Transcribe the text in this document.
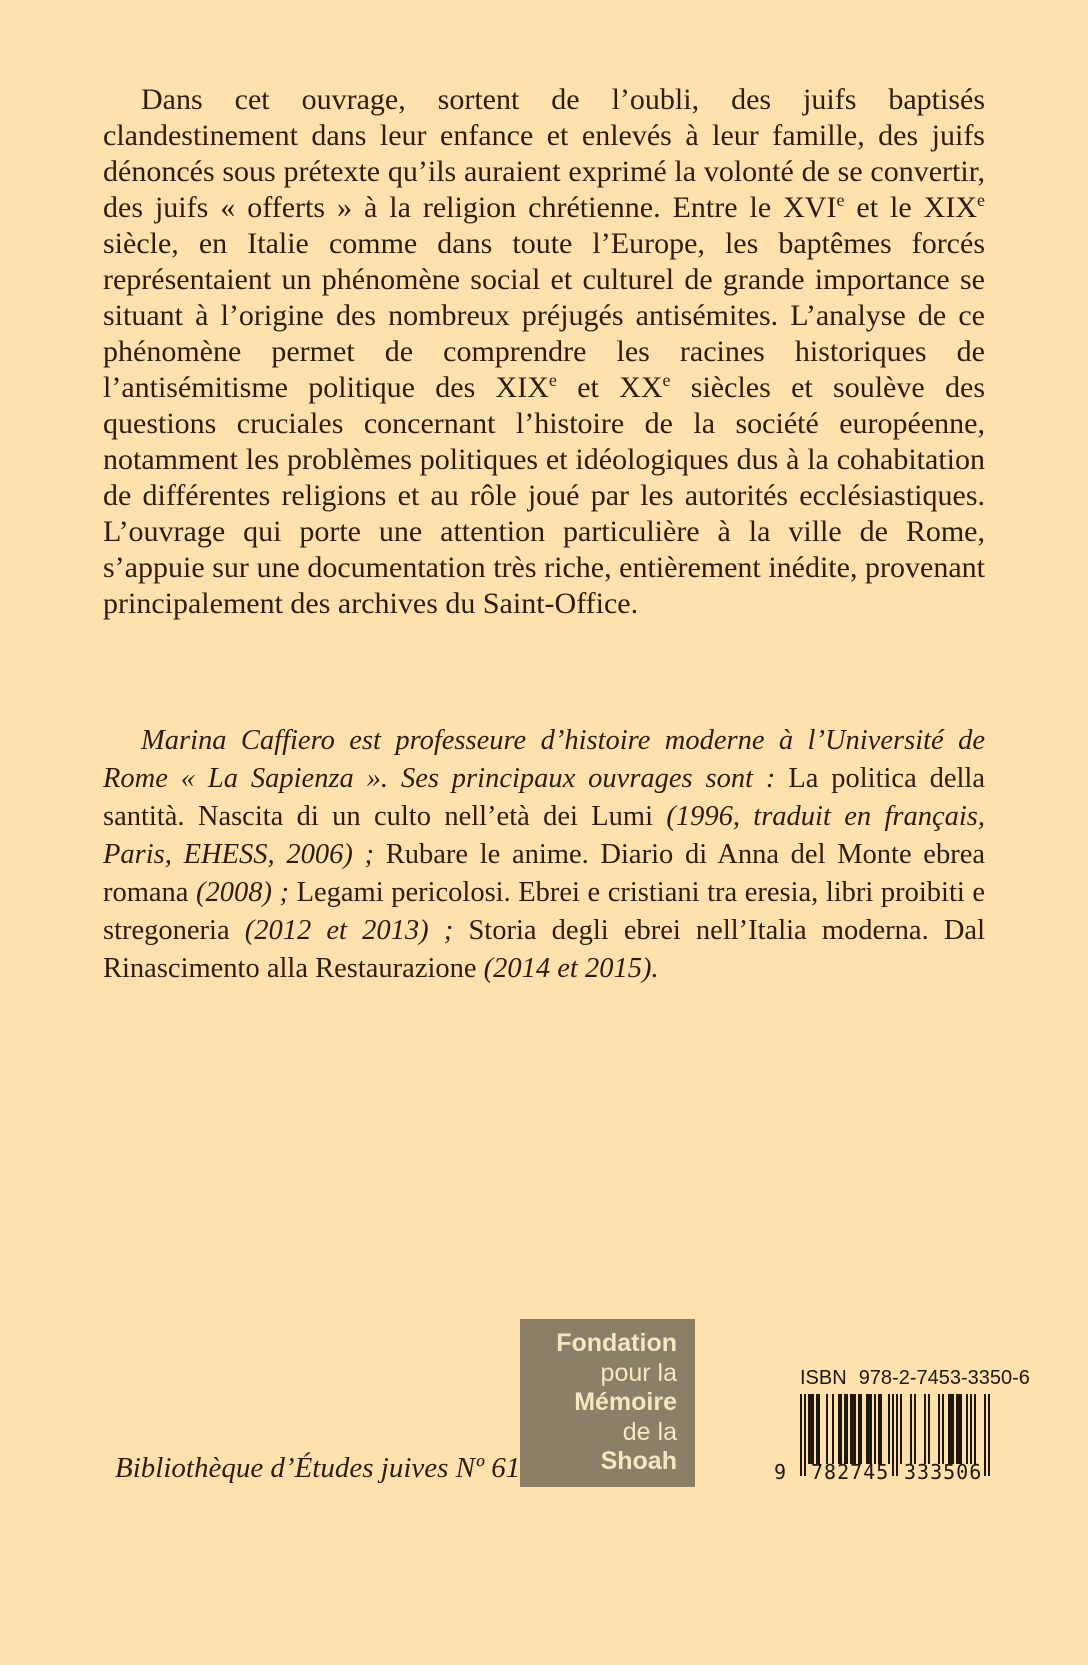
Dans cet ouvrage, sortent de l’oubli, des juifs baptisés clandestinement dans leur enfance et enlevés à leur famille, des juifs dénoncés sous prétexte qu’ils auraient exprimé la volonté de se convertir, des juifs « offerts » à la religion chrétienne. Entre le XVIe et le XIXe siècle, en Italie comme dans toute l’Europe, les baptêmes forcés représentaient un phénomène social et culturel de grande importance se situant à l’origine des nombreux préjugés antisémites. L’analyse de ce phénomène permet de comprendre les racines historiques de l’antisémitisme politique des XIXe et XXe siècles et soulève des questions cruciales concernant l’histoire de la société européenne, notamment les problèmes politiques et idéologiques dus à la cohabitation de différentes religions et au rôle joué par les autorités ecclésiastiques. L’ouvrage qui porte une attention particulière à la ville de Rome, s’appuie sur une documentation très riche, entièrement inédite, provenant principalement des archives du Saint-Office.

Marina Caffiero est professeure d’histoire moderne à l’Université de Rome « La Sapienza ». Ses principaux ouvrages sont : La politica della santità. Nascita di un culto nell’età dei Lumi (1996, traduit en français, Paris, EHESS, 2006) ; Rubare le anime. Diario di Anna del Monte ebrea romana (2008) ; Legami pericolosi. Ebrei e cristiani tra eresia, libri proibiti e stregoneria (2012 et 2013) ; Storia degli ebrei nell’Italia moderna. Dal Rinascimento alla Restaurazione (2014 et 2015).

Bibliothèque d’Études juives Nº 61
Fondation
pour la
Mémoire
de la
Shoah
ISBN 978-2-7453-3350-6
9 782745 333506
